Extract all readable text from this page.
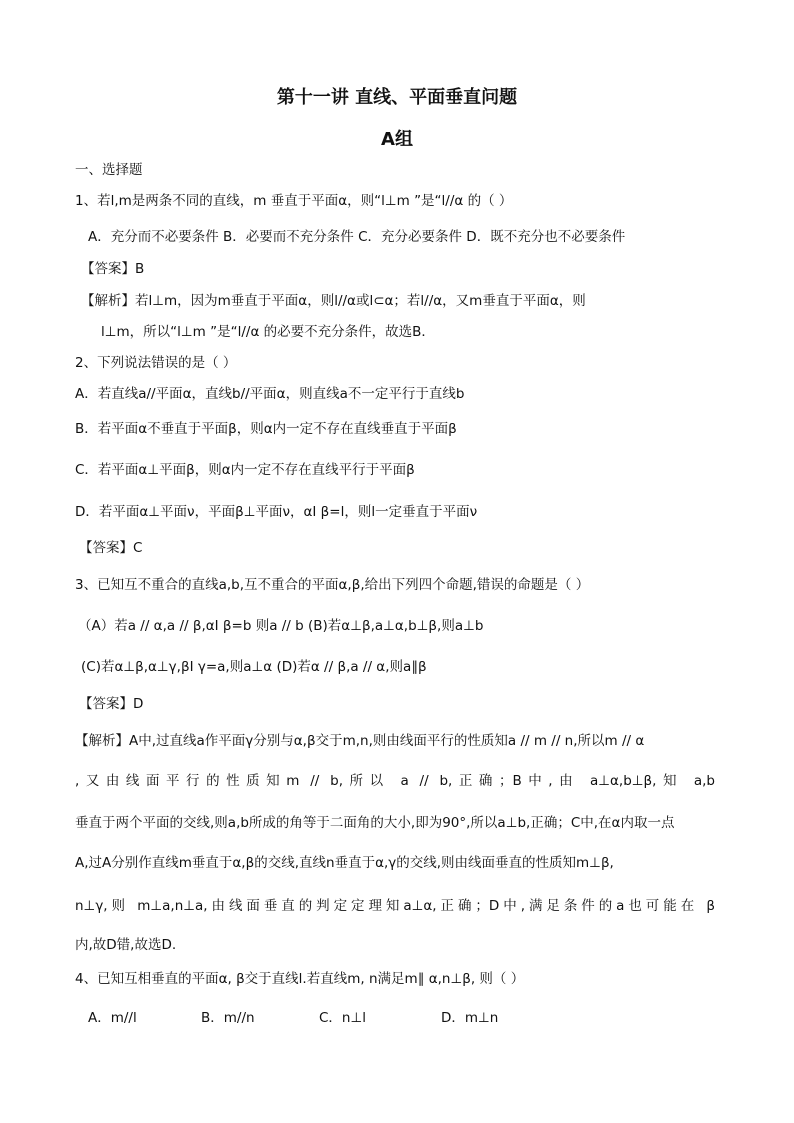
第十一讲 直线、平面垂直问题
A组
一、选择题
1、若l,m是两条不同的直线，m 垂直于平面α，则“l⊥m ”是“l//α 的（ ）
A．充分而不必要条件 B．必要而不充分条件 C．充分必要条件 D．既不充分也不必要条件
【答案】B
【解析】若l⊥m，因为m垂直于平面α，则l//α或l⊂α；若l//α，又m垂直于平面α，则
l⊥m，所以“l⊥m ”是“l//α 的必要不充分条件，故选B．
2、下列说法错误的是（ ）
A．若直线a//平面α，直线b//平面α，则直线a不一定平行于直线b
B．若平面α不垂直于平面β，则α内一定不存在直线垂直于平面β
C．若平面α⊥平面β，则α内一定不存在直线平行于平面β
D．若平面α⊥平面ν，平面β⊥平面ν，αI β=l，则l一定垂直于平面ν
【答案】C
3、已知互不重合的直线a,b,互不重合的平面α,β,给出下列四个命题,错误的命题是（ ）
（A）若a // α,a // β,αI β=b 则a // b (B)若α⊥β,a⊥α,b⊥β,则a⊥b
(C)若α⊥β,α⊥γ,βI γ=a,则a⊥α (D)若α // β,a // α,则a∥β
【答案】D
【解析】A中,过直线a作平面γ分别与α,β交于m,n,则由线面平行的性质知a // m // n,所以m // α
,又由线面平行的性质知m // b,所以 a // b,正确；B中,由 a⊥α,b⊥β,知 a,b
垂直于两个平面的交线,则a,b所成的角等于二面角的大小,即为90°,所以a⊥b,正确；C中,在α内取一点
A,过A分别作直线m垂直于α,β的交线,直线n垂直于α,γ的交线,则由线面垂直的性质知m⊥β,
n⊥γ,则 m⊥a,n⊥a,由线面垂直的判定定理知a⊥α,正确；D中,满足条件的a也可能在 β
内,故D错,故选D.
4、已知互相垂直的平面α, β交于直线l.若直线m, n满足m∥ α,n⊥β, 则（ ）
A．m//l	B．m//n	C．n⊥l	D．m⊥n
